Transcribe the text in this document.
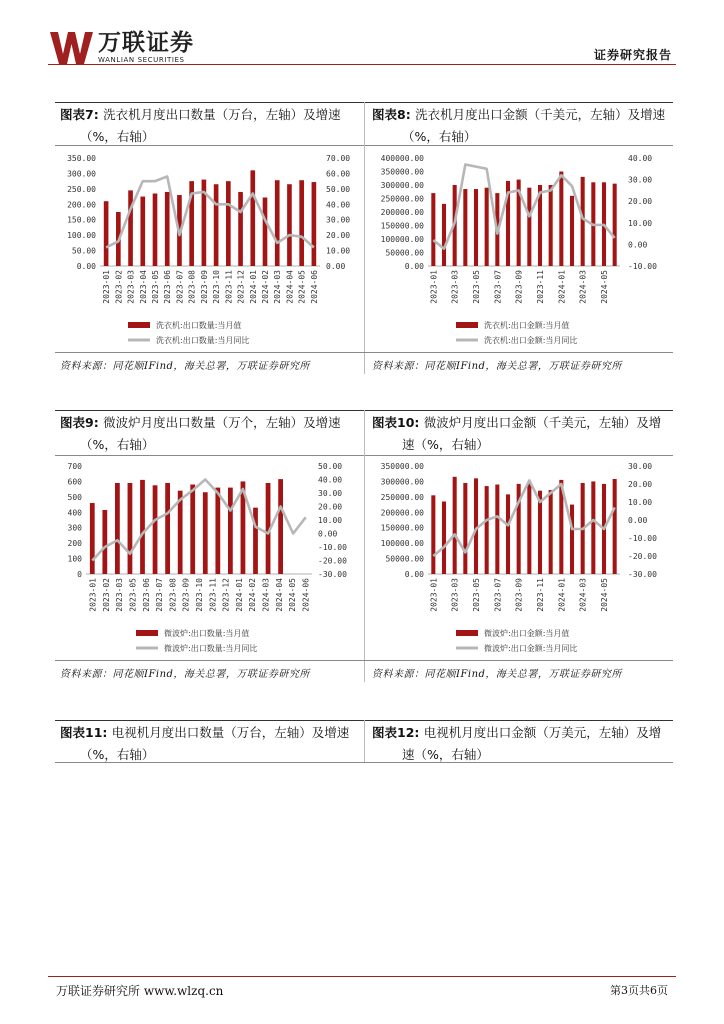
万联证券
WANLIAN SECURITIES	证券研究报告
图表7: 洗衣机月度出口数量（万台，左轴）及增速
（%，右轴）
图表8: 洗衣机月度出口金额（千美元，左轴）及增速
（%，右轴）
350.00
300.00
250.00
200.00
150.00
100.00
50.00
0.00
70.00
60.00
50.00
40.00
30.00
20.00
10.00
0.00
2023-01 2023-02 2023-03 2023-04 2023-05 2023-06 2023-07 2023-08 2023-09 2023-10 2023-11 2023-12 2024-01 2024-02 2024-03 2024-04 2024-05 2024-06
洗衣机:出口数量:当月值
洗衣机:出口数量:当月同比
400000.00
350000.00
300000.00
250000.00
200000.00
150000.00
100000.00
50000.00
0.00
40.00
30.00
20.00
10.00
0.00
-10.00
2023-01 2023-03 2023-05 2023-07 2023-09 2023-11 2024-01 2024-03 2024-05
洗衣机:出口金额:当月值
洗衣机:出口金额:当月同比
资料来源：同花顺IFind，海关总署，万联证券研究所	资料来源：同花顺IFind，海关总署，万联证券研究所
图表9: 微波炉月度出口数量（万个，左轴）及增速
（%，右轴）
图表10: 微波炉月度出口金额（千美元，左轴）及增
速（%，右轴）
700
600
500
400
300
200
100
0
50.00
40.00
30.00
20.00
10.00
0.00
-10.00
-20.00
-30.00
2023-01 2023-02 2023-03 2023-05 2023-06 2023-07 2023-08 2023-09 2023-10 2023-11 2023-12 2024-01 2024-02 2024-03 2024-04 2024-05 2024-06
微波炉:出口数量:当月值
微波炉:出口数量:当月同比
350000.00
300000.00
250000.00
200000.00
150000.00
100000.00
50000.00
0.00
30.00
20.00
10.00
0.00
-10.00
-20.00
-30.00
2023-01 2023-03 2023-05 2023-07 2023-09 2023-11 2024-01 2024-03 2024-05
微波炉:出口金额:当月值
微波炉:出口金额:当月同比
资料来源：同花顺IFind，海关总署，万联证券研究所	资料来源：同花顺IFind，海关总署，万联证券研究所
图表11: 电视机月度出口数量（万台，左轴）及增速
（%，右轴）
图表12: 电视机月度出口金额（万美元，左轴）及增
速（%，右轴）
万联证券研究所 www.wlzq.cn	第3页共6页
